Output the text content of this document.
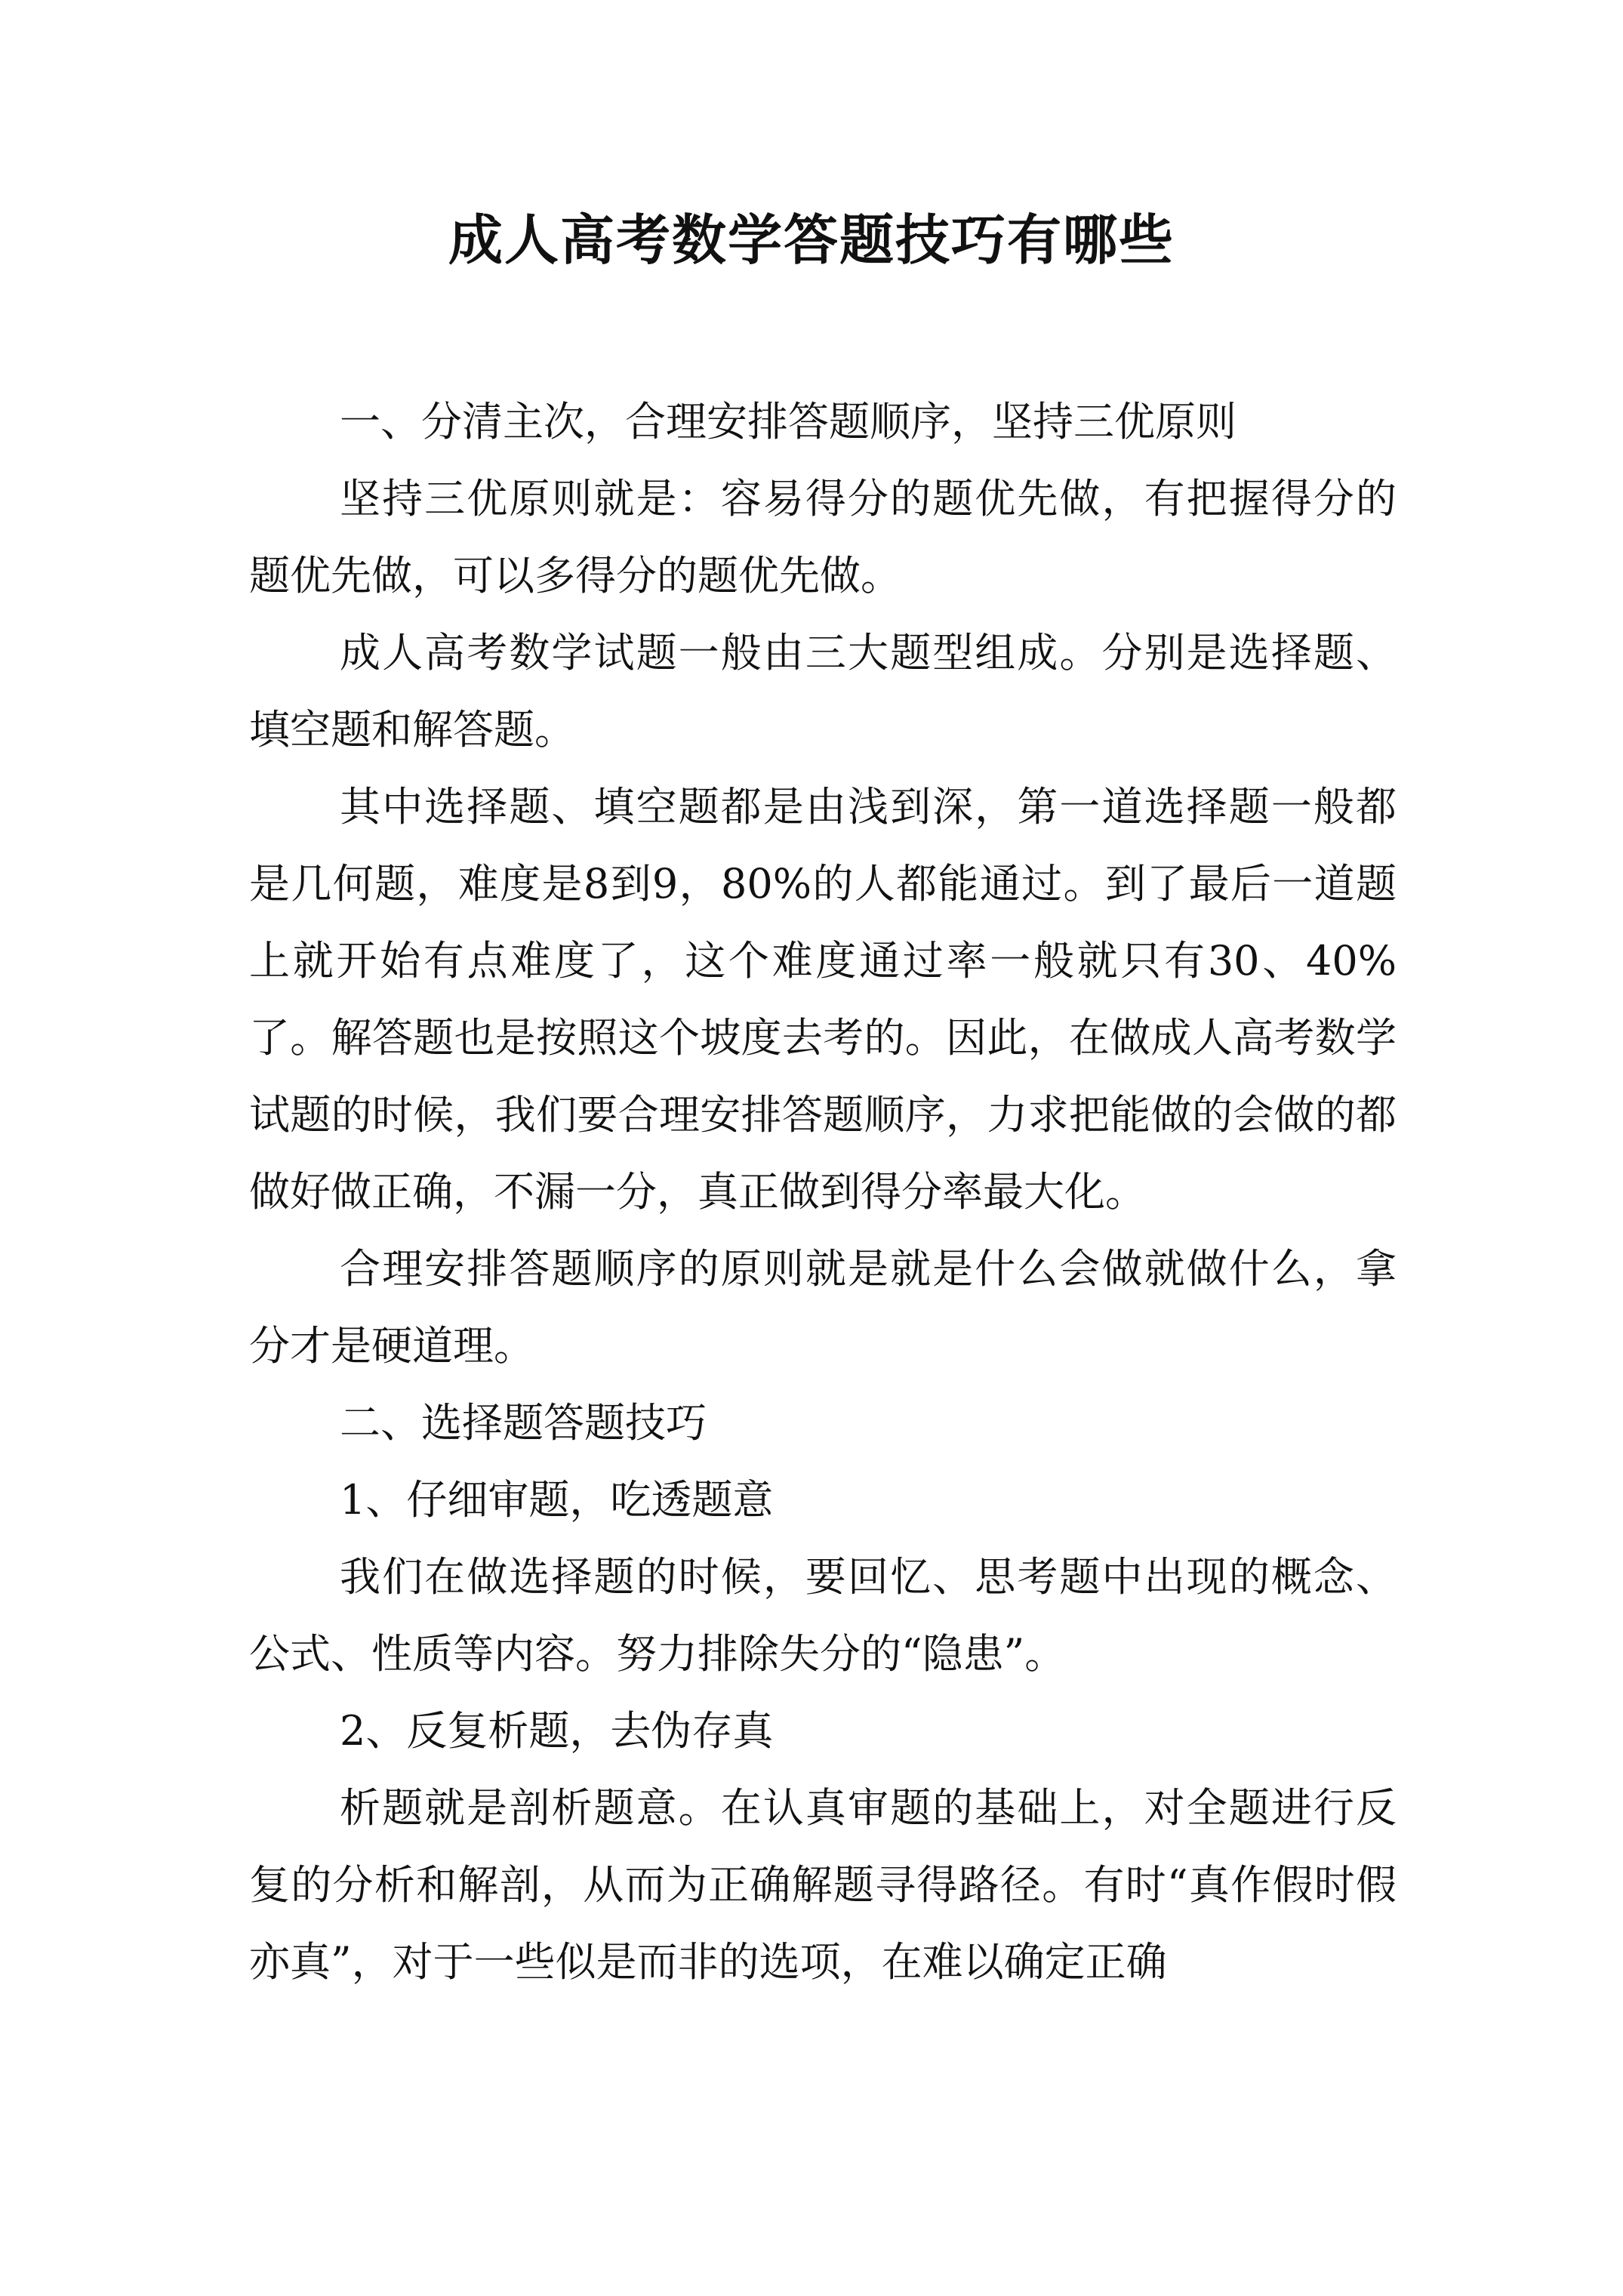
成人高考数学答题技巧有哪些

一、分清主次，合理安排答题顺序，坚持三优原则

坚持三优原则就是：容易得分的题优先做，有把握得分的题优先做，可以多得分的题优先做。

成人高考数学试题一般由三大题型组成。分别是选择题、填空题和解答题。

其中选择题、填空题都是由浅到深，第一道选择题一般都是几何题，难度是8到9，80%的人都能通过。到了最后一道题上就开始有点难度了，这个难度通过率一般就只有30、40%了。解答题也是按照这个坡度去考的。因此，在做成人高考数学试题的时候，我们要合理安排答题顺序，力求把能做的会做的都做好做正确，不漏一分，真正做到得分率最大化。

合理安排答题顺序的原则就是就是什么会做就做什么，拿分才是硬道理。

二、选择题答题技巧

1、仔细审题，吃透题意

我们在做选择题的时候，要回忆、思考题中出现的概念、公式、性质等内容。努力排除失分的“隐患”。

2、反复析题，去伪存真

析题就是剖析题意。在认真审题的基础上，对全题进行反复的分析和解剖，从而为正确解题寻得路径。有时“真作假时假亦真”，对于一些似是而非的选项，在难以确定正确
